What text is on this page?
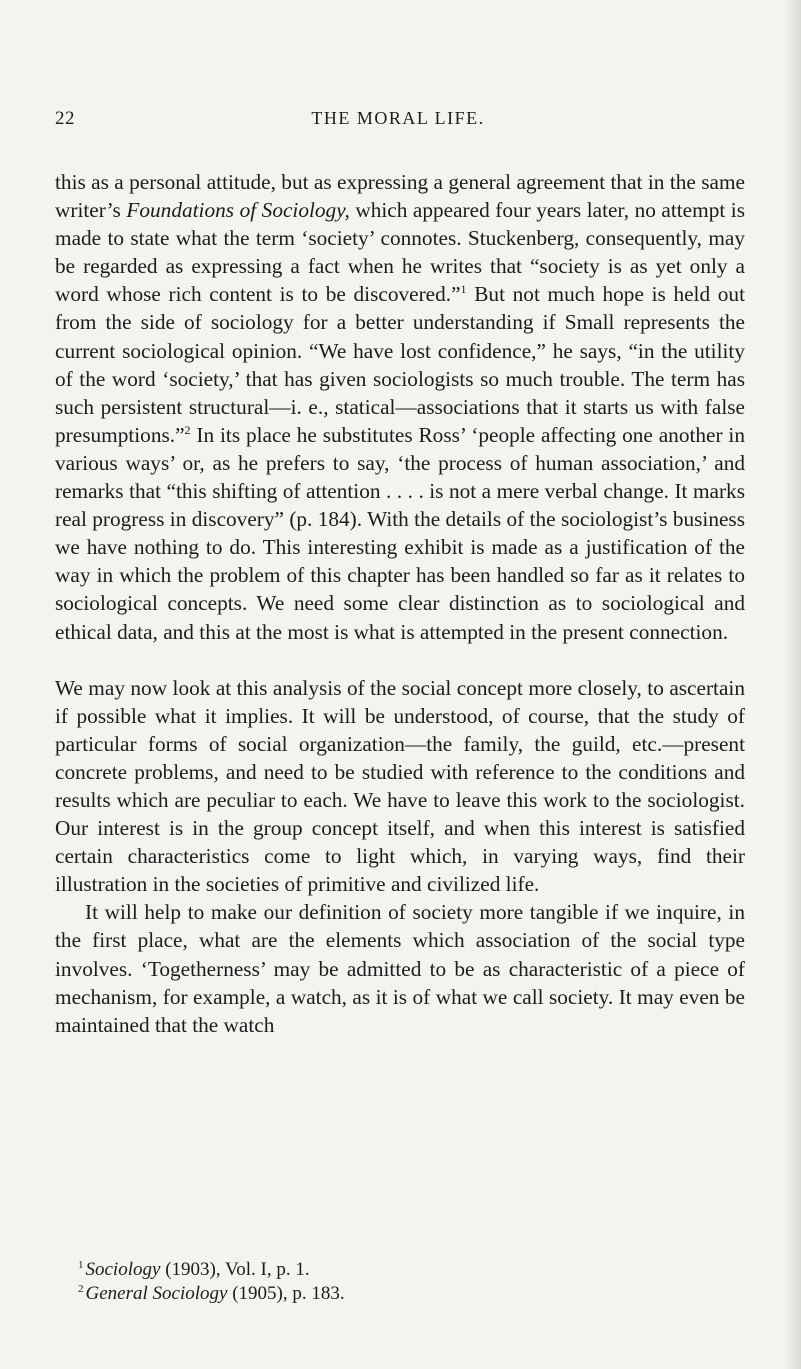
22	THE MORAL LIFE.

this as a personal attitude, but as expressing a general agreement that in the same writer’s Foundations of Sociology, which appeared four years later, no attempt is made to state what the term ‘society’ connotes. Stuckenberg, consequently, may be regarded as expressing a fact when he writes that “society is as yet only a word whose rich content is to be discovered.”$^1$ But not much hope is held out from the side of sociology for a better understanding if Small represents the current sociological opinion. “We have lost confidence,” he says, “in the utility of the word ‘society,’ that has given sociologists so much trouble. The term has such persistent structural—i. e., statical—associations that it starts us with false presumptions.”$^2$ In its place he substitutes Ross’ ‘people affecting one another in various ways’ or, as he prefers to say, ‘the process of human association,’ and remarks that “this shifting of attention . . . . is not a mere verbal change. It marks real progress in discovery” (p. 184). With the details of the sociologist’s business we have nothing to do. This interesting exhibit is made as a justification of the way in which the problem of this chapter has been handled so far as it relates to sociological concepts. We need some clear distinction as to sociological and ethical data, and this at the most is what is attempted in the present connection.

We may now look at this analysis of the social concept more closely, to ascertain if possible what it implies. It will be understood, of course, that the study of particular forms of social organization—the family, the guild, etc.—present concrete problems, and need to be studied with reference to the conditions and results which are peculiar to each. We have to leave this work to the sociologist. Our interest is in the group concept itself, and when this interest is satisfied certain characteristics come to light which, in varying ways, find their illustration in the societies of primitive and civilized life.

It will help to make our definition of society more tangible if we inquire, in the first place, what are the elements which association of the social type involves. ‘Togetherness’ may be admitted to be as characteristic of a piece of mechanism, for example, a watch, as it is of what we call society. It may even be maintained that the watch

$^1$ Sociology (1903), Vol. I, p. 1.
$^2$ General Sociology (1905), p. 183.
